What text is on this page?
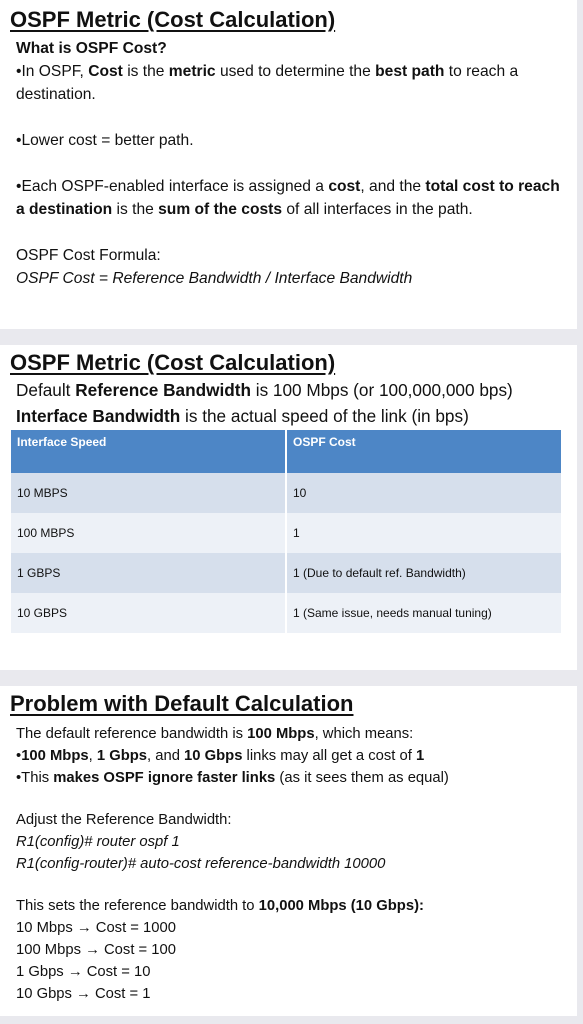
OSPF Metric (Cost Calculation)

What is OSPF Cost?

•In OSPF, Cost is the metric used to determine the best path to reach a destination.

•Lower cost = better path.

•Each OSPF-enabled interface is assigned a cost, and the total cost to reach a destination is the sum of the costs of all interfaces in the path.

OSPF Cost Formula:

OSPF Cost = Reference Bandwidth / Interface Bandwidth

OSPF Metric (Cost Calculation)

Default Reference Bandwidth is 100 Mbps (or 100,000,000 bps)

Interface Bandwidth is the actual speed of the link (in bps)

Interface Speed	OSPF Cost
10 MBPS	10
100 MBPS	1
1 GBPS	1 (Due to default ref. Bandwidth)
10 GBPS	1 (Same issue, needs manual tuning)
Problem with Default Calculation

The default reference bandwidth is 100 Mbps, which means:

•100 Mbps, 1 Gbps, and 10 Gbps links may all get a cost of 1

•This makes OSPF ignore faster links (as it sees them as equal)

Adjust the Reference Bandwidth:

R1(config)# router ospf 1

R1(config-router)# auto-cost reference-bandwidth 10000

This sets the reference bandwidth to 10,000 Mbps (10 Gbps):

10 Mbps → Cost = 1000

100 Mbps → Cost = 100

1 Gbps → Cost = 10

10 Gbps → Cost = 1
